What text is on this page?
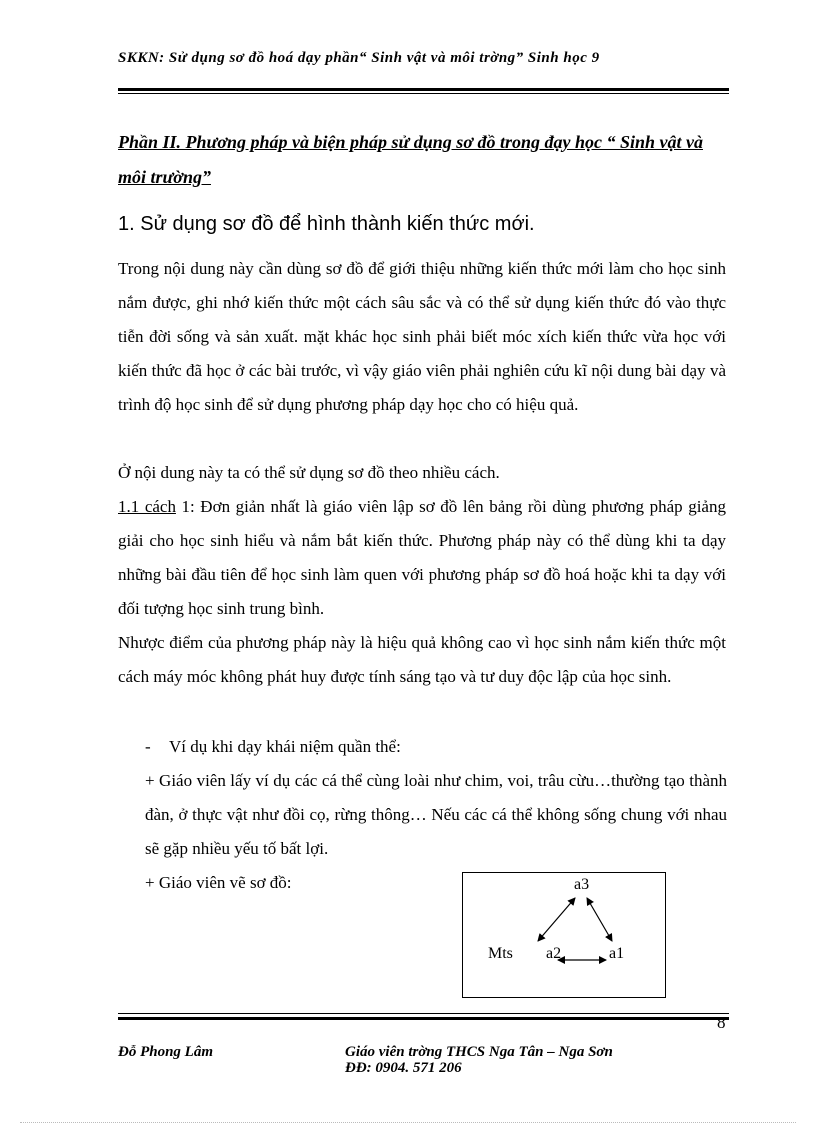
SKKN: Sử dụng sơ đồ hoá dạy phần“ Sinh vật và môi trờng” Sinh học 9
Phần II. Phương pháp và biện pháp sử dụng sơ đồ trong đạy học “ Sinh vật và môi trường”
1. Sử dụng sơ đồ để hình thành kiến thức mới.
Trong nội dung này cần dùng sơ đồ để giới thiệu những kiến thức mới làm cho học sinh nắm được, ghi nhớ kiến thức một cách sâu sắc và có thể sử dụng kiến thức đó vào thực tiễn đời sống và sản xuất. mặt khác học sinh phải biết móc xích kiến thức vừa học với kiến thức đã học ở các bài trước, vì vậy giáo viên phải nghiên cứu kĩ nội dung bài dạy và trình độ học sinh để sử dụng phương pháp dạy học cho có hiệu quả.
Ở nội dung này ta có thể sử dụng sơ đồ theo nhiều cách.
1.1 cách 1: Đơn giản nhất là giáo viên lập sơ đồ lên bảng rồi dùng phương pháp giảng giải cho học sinh hiểu và nắm bắt kiến thức. Phương pháp này có thể dùng khi ta dạy những bài đầu tiên để học sinh làm quen với phương pháp sơ đồ hoá hoặc khi ta dạy với đối tượng học sinh trung bình.
Nhược điểm của phương pháp này là hiệu quả không cao vì học sinh nắm kiến thức một cách máy móc không phát huy được tính sáng tạo và tư duy độc lập của học sinh.
- Ví dụ khi dạy khái niệm quần thể:
+ Giáo viên lấy ví dụ các cá thể cùng loài như chim, voi, trâu cừu…thường tạo thành đàn, ở thực vật như đồi cọ, rừng thông… Nếu các cá thể không sống chung với nhau sẽ gặp nhiều yếu tố bất lợi.
+ Giáo viên vẽ sơ đồ:	a3
Mts a2	a1
8
Đỗ Phong Lâm	Giáo viên trờng THCS Nga Tân – Nga Sơn
ĐĐ: 0904. 571 206
